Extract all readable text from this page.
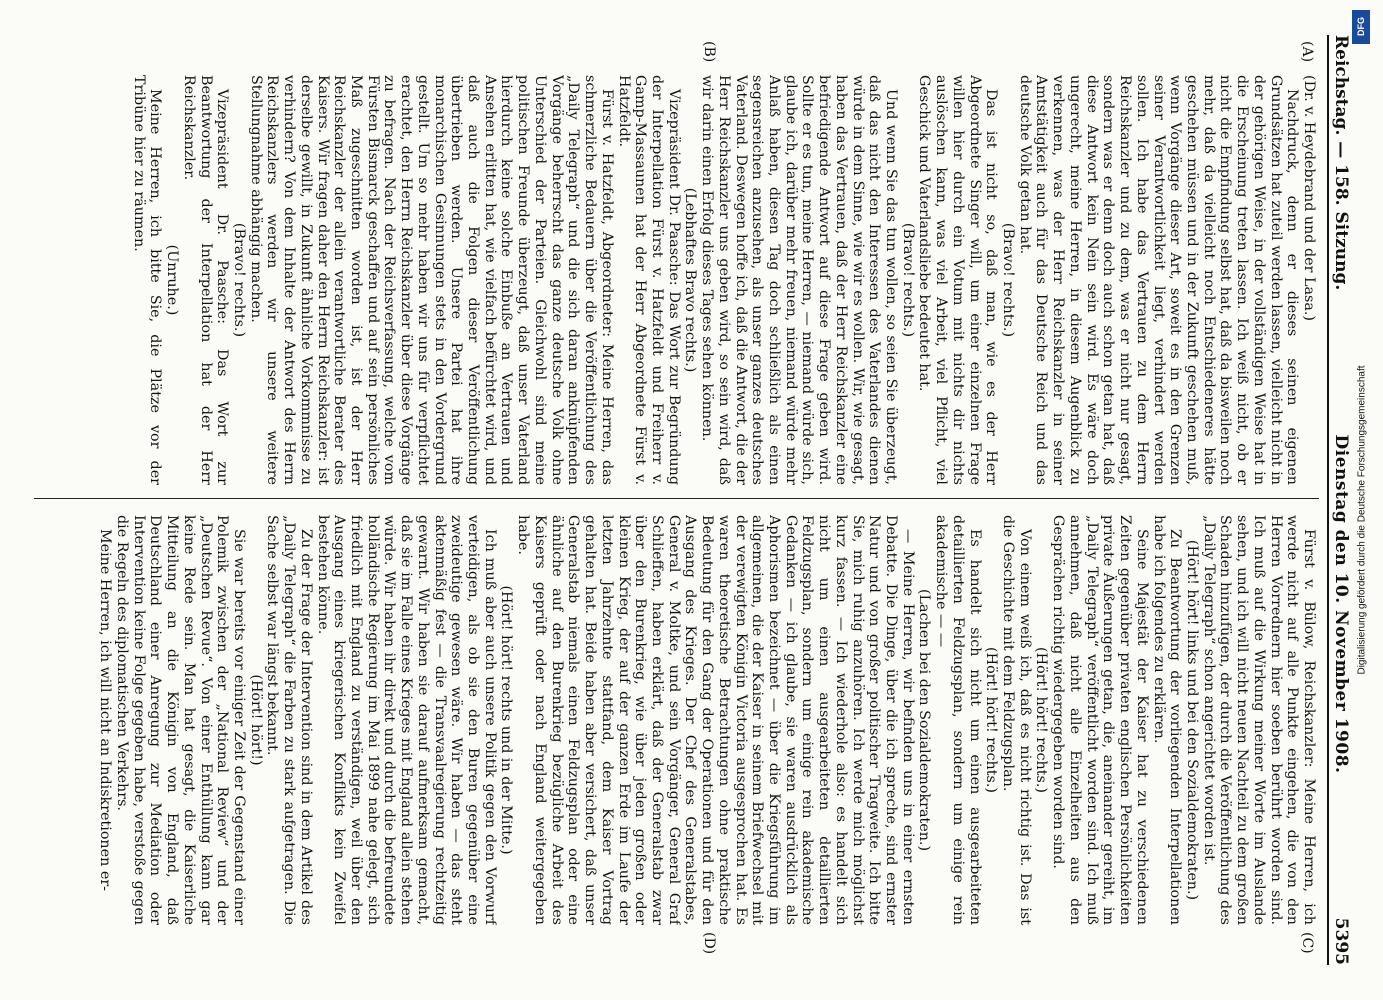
Reichstag. — 158. Sitzung.
Dienstag den 10. November 1908.
5395
(A)
(B)
(C)
(D)

(Dr. v. Heydebrand und der Lasa.)

Nachdruck, denn er dieses seinen eigenen Grundsätzen hat zuteil werden lassen, vielleicht nicht in der gehörigen Weise, in der vollständigen Weise hat in die Erscheinung treten lassen. Ich weiß nicht, ob er nicht die Empfindung selbst hat, daß da bisweilen noch mehr, daß da vielleicht noch Entschiedeneres hätte geschehen müssen und in der Zukunft geschehen muß, wenn Vorgänge dieser Art, soweit es in den Grenzen seiner Verantwortlichkeit liegt, verhindert werden sollen. Ich habe das Vertrauen zu dem Herrn Reichskanzler und zu dem, was er nicht nur gesagt, sondern was er denn doch auch schon getan hat, daß diese Antwort kein Nein sein wird. Es wäre doch ungerecht, meine Herren, in diesem Augenblick zu verkennen, was der Herr Reichskanzler in seiner Amtstätigkeit auch für das Deutsche Reich und das deutsche Volk getan hat.

(Bravo! rechts.)

Das ist nicht so, daß man, wie es der Herr Abgeordnete Singer will, um einer einzelnen Frage willen hier durch ein Votum mit nichts dir nichts auslöschen kann, was viel Arbeit, viel Pflicht, viel Geschick und Vaterlandsliebe bedeutet hat.

(Bravo! rechts.)

Und wenn Sie das tun wollen, so seien Sie überzeugt, daß das nicht den Interessen des Vaterlandes dienen würde in dem Sinne, wie wir es wollen. Wir, wie gesagt, haben das Vertrauen, daß der Herr Reichskanzler eine befriedigende Antwort auf diese Frage geben wird. Sollte er es tun, meine Herren, — niemand würde sich, glaube ich, darüber mehr freuen, niemand würde mehr Anlaß haben, diesen Tag doch schließlich als einen segensreichen anzusehen, als unser ganzes deutsches Vaterland. Deswegen hoffe ich, daß die Antwort, die der Herr Reichskanzler uns geben wird, so sein wird, daß wir darin einen Erfolg dieses Tages sehen können.

(Lebhaftes Bravo rechts.)

Vizepräsident Dr. Paasche: Das Wort zur Begründung der Interpellation Fürst v. Hatzfeldt und Freiherr v. Gamp-Massaunen hat der Herr Abgeordnete Fürst v. Hatzfeldt.

Fürst v. Hatzfeldt, Abgeordneter: Meine Herren, das schmerzliche Bedauern über die Veröffentlichung des „Daily Telegraph“ und die sich daran anknüpfenden Vorgänge beherrscht das ganze deutsche Volk ohne Unterschied der Parteien. Gleichwohl sind meine politischen Freunde überzeugt, daß unser Vaterland hierdurch keine solche Einbuße an Vertrauen und Ansehen erlitten hat, wie vielfach befürchtet wird, und daß auch die Folgen dieser Veröffentlichung übertrieben werden. Unsere Partei hat ihre monarchischen Gesinnungen stets in den Vordergrund gestellt. Um so mehr haben wir uns für verpflichtet erachtet, den Herrn Reichskanzler über diese Vorgänge zu befragen. Nach der Reichsverfassung, welche vom Fürsten Bismarck geschaffen und auf sein persönliches Maß zugeschnitten worden ist, ist der Herr Reichskanzler der allein verantwortliche Berater des Kaisers. Wir fragen daher den Herrn Reichskanzler: ist derselbe gewillt, in Zukunft ähnliche Vorkommnisse zu verhindern? Von dem Inhalte der Antwort des Herrn Reichskanzlers werden wir unsere weitere Stellungnahme abhängig machen.

(Bravo! rechts.)

Vizepräsident Dr. Paasche: Das Wort zur Beantwortung der Interpellation hat der Herr Reichskanzler.

(Unruhe.)

Meine Herren, ich bitte Sie, die Plätze vor der Tribüne hier zu räumen.

Fürst v. Bülow, Reichskanzler: Meine Herren, ich werde nicht auf alle Punkte eingehen, die von den Herren Vorrednern hier soeben berührt worden sind. Ich muß auf die Wirkung meiner Worte im Auslande sehen, und ich will nicht neuen Nachteil zu dem großen Schaden hinzufügen, der durch die Veröffentlichung des „Daily Telegraph“ schon angerichtet worden ist.

(Hört! hört! links und bei den Sozialdemokraten.)

Zu Beantwortung der vorliegenden Interpellationen habe ich folgendes zu erklären.

Seine Majestät der Kaiser hat zu verschiedenen Zeiten gegenüber privaten englischen Persönlichkeiten private Äußerungen getan, die, aneinander gereiht, im „Daily Telegraph“ veröffentlicht worden sind. Ich muß annehmen, daß nicht alle Einzelheiten aus den Gesprächen richtig wiedergegeben worden sind.

(Hört! hört! rechts.)

Von einem weiß ich, daß es nicht richtig ist. Das ist die Geschichte mit dem Feldzugsplan.

(Hört! hört! rechts.)

Es handelt sich nicht um einen ausgearbeiteten detaillierten Feldzugsplan, sondern um einige rein akademische — —

(Lachen bei den Sozialdemokraten.)

— Meine Herren, wir befinden uns in einer ernsten Debatte. Die Dinge, über die ich spreche, sind ernster Natur und von großer politischer Tragweite. Ich bitte Sie, mich ruhig anzuhören. Ich werde mich möglichst kurz fassen. — Ich wiederhole also: es handelt sich nicht um einen ausgearbeiteten detaillierten Feldzugsplan, sondern um einige rein akademische Gedanken — ich glaube, sie waren ausdrücklich als Aphorismen bezeichnet — über die Kriegsführung im allgemeinen, die der Kaiser in seinem Briefwechsel mit der verewigten Königin Victoria ausgesprochen hat. Es waren theoretische Betrachtungen ohne praktische Bedeutung für den Gang der Operationen und für den Ausgang des Krieges. Der Chef des Generalstabes, General v. Moltke, und sein Vorgänger, General Graf Schlieffen, haben erklärt, daß der Generalstab zwar über den Burenkrieg, wie über jeden großen oder kleinen Krieg, der auf der ganzen Erde im Laufe der letzten Jahrzehnte stattfand, dem Kaiser Vortrag gehalten hat. Beide haben aber versichert, daß unser Generalstab niemals einen Feldzugsplan oder eine ähnliche auf den Burenkrieg bezügliche Arbeit des Kaisers geprüft oder nach England weitergegeben habe.

(Hört! hört! rechts und in der Mitte.)

Ich muß aber auch unsere Politik gegen den Vorwurf verteidigen, als ob sie den Buren gegenüber eine zweideutige gewesen wäre. Wir haben — das steht aktenmäßig fest — die Transvaalregierung rechtzeitig gewarnt. Wir haben sie darauf aufmerksam gemacht, daß sie im Falle eines Krieges mit England allein stehen würde. Wir haben ihr direkt und durch die befreundete holländische Regierung im Mai 1899 nahe gelegt, sich friedlich mit England zu verständigen, weil über den Ausgang eines kriegerischen Konflikts kein Zweifel bestehen könne.

Zu der Frage der Intervention sind in dem Artikel des „Daily Telegraph“ die Farben zu stark aufgetragen. Die Sache selbst war längst bekannt.

(Hört! hört!)

Sie war bereits vor einiger Zeit der Gegenstand einer Polemik zwischen der „National Review“ und der „Deutschen Revue“. Von einer Enthüllung kann gar keine Rede sein. Man hat gesagt, die Kaiserliche Mitteilung an die Königin von England, daß Deutschland einer Anregung zur Mediation oder Intervention keine Folge gegeben habe, verstoße gegen die Regeln des diplomatischen Verkehrs.

Meine Herren, ich will nicht an Indiskretionen er-

DFG
Digitalisierung gefördert durch die Deutsche Forschungsgemeinschaft
